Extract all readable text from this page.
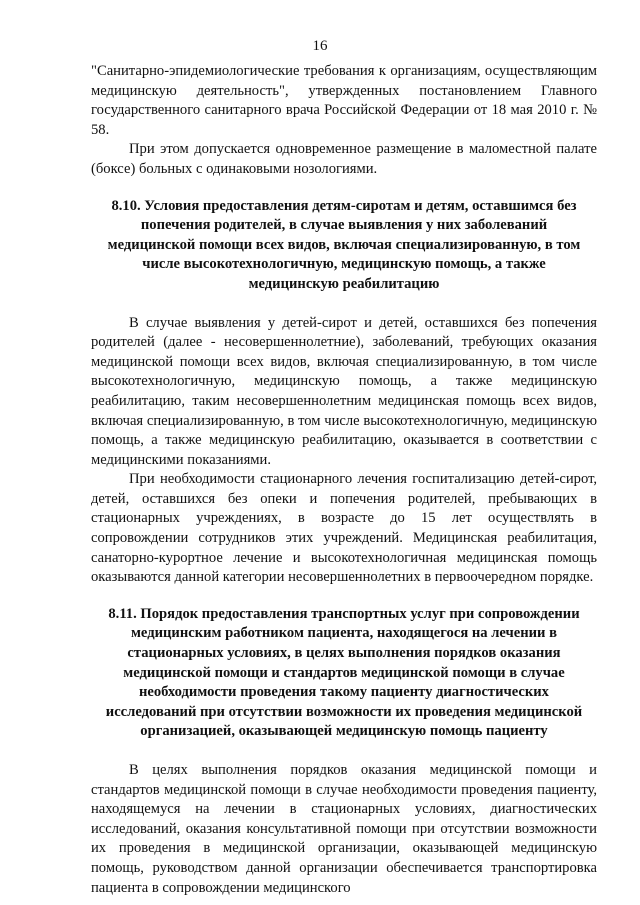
16

"Санитарно-эпидемиологические требования к организациям, осуществляющим медицинскую деятельность", утвержденных постановлением Главного государственного санитарного врача Российской Федерации от 18 мая 2010 г. № 58.

При этом допускается одновременное размещение в маломестной палате (боксе) больных с одинаковыми нозологиями.

8.10. Условия предоставления детям-сиротам и детям, оставшимся без попечения родителей, в случае выявления у них заболеваний медицинской помощи всех видов, включая специализированную, в том числе высокотехнологичную, медицинскую помощь, а также медицинскую реабилитацию

В случае выявления у детей-сирот и детей, оставшихся без попечения родителей (далее - несовершеннолетние), заболеваний, требующих оказания медицинской помощи всех видов, включая специализированную, в том числе высокотехнологичную, медицинскую помощь, а также медицинскую реабилитацию, таким несовершеннолетним медицинская помощь всех видов, включая специализированную, в том числе высокотехнологичную, медицинскую помощь, а также медицинскую реабилитацию, оказывается в соответствии с медицинскими показаниями.

При необходимости стационарного лечения госпитализацию детей-сирот, детей, оставшихся без опеки и попечения родителей, пребывающих в стационарных учреждениях, в возрасте до 15 лет осуществлять в сопровождении сотрудников этих учреждений. Медицинская реабилитация, санаторно-курортное лечение и высокотехнологичная медицинская помощь оказываются данной категории несовершеннолетних в первоочередном порядке.

8.11. Порядок предоставления транспортных услуг при сопровождении медицинским работником пациента, находящегося на лечении в стационарных условиях, в целях выполнения порядков оказания медицинской помощи и стандартов медицинской помощи в случае необходимости проведения такому пациенту диагностических исследований при отсутствии возможности их проведения медицинской организацией, оказывающей медицинскую помощь пациенту

В целях выполнения порядков оказания медицинской помощи и стандартов медицинской помощи в случае необходимости проведения пациенту, находящемуся на лечении в стационарных условиях, диагностических исследований, оказания консультативной помощи при отсутствии возможности их проведения в медицинской организации, оказывающей медицинскую помощь, руководством данной организации обеспечивается транспортировка пациента в сопровождении медицинского
